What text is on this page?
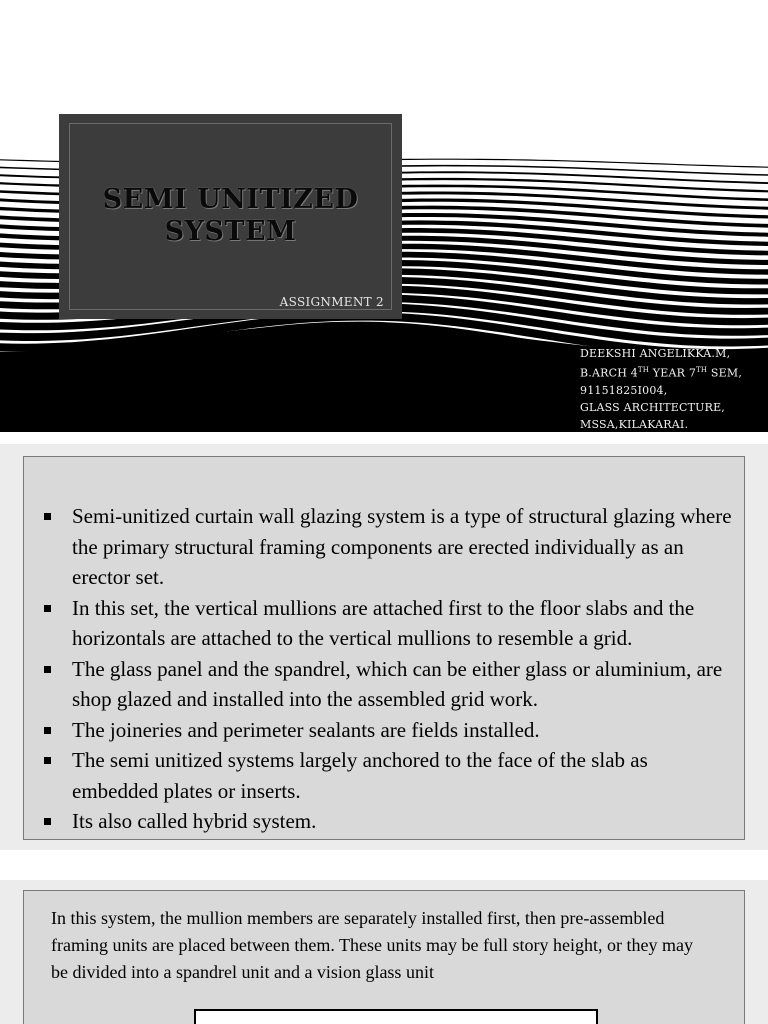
SEMI UNITIZED
SYSTEM
ASSIGNMENT 2
DEEKSHI ANGELIKKA.M,
B.ARCH 4TH YEAR 7TH SEM,
91151825I004,
GLASS ARCHITECTURE,
MSSA,KILAKARAI.
Semi-unitized curtain wall glazing system is a type of structural glazing where the primary structural framing components are erected individually as an erector set.
In this set, the vertical mullions are attached first to the floor slabs and the horizontals are attached to the vertical mullions to resemble a grid.
The glass panel and the spandrel, which can be either glass or aluminium, are shop glazed and installed into the assembled grid work.
The joineries and perimeter sealants are fields installed.
The semi unitized systems largely anchored to the face of the slab as embedded plates or inserts.
Its also called hybrid system.

In this system, the mullion members are separately installed first, then pre-assembled framing units are placed between them. These units may be full story height, or they may be divided into a spandrel unit and a vision glass unit
